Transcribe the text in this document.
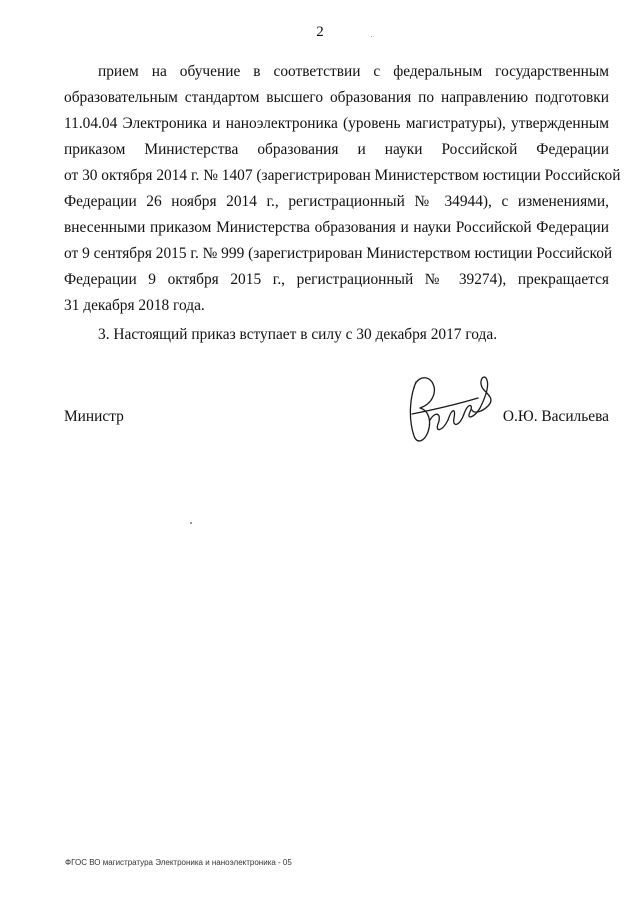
2
прием на обучение в соответствии с федеральным государственным
образовательным стандартом высшего образования по направлению подготовки
11.04.04 Электроника и наноэлектроника (уровень магистратуры), утвержденным
приказом Министерства образования и науки Российской Федерации
от 30 октября 2014 г. № 1407 (зарегистрирован Министерством юстиции Российской
Федерации 26 ноября 2014 г., регистрационный № 34944), с изменениями,
внесенными приказом Министерства образования и науки Российской Федерации
от 9 сентября 2015 г. № 999 (зарегистрирован Министерством юстиции Российской
Федерации 9 октября 2015 г., регистрационный № 39274), прекращается
31 декабря 2018 года.
3. Настоящий приказ вступает в силу с 30 декабря 2017 года.
Министр	О.Ю. Васильева
ФГОС ВО магистратура Электроника и наноэлектроника - 05
